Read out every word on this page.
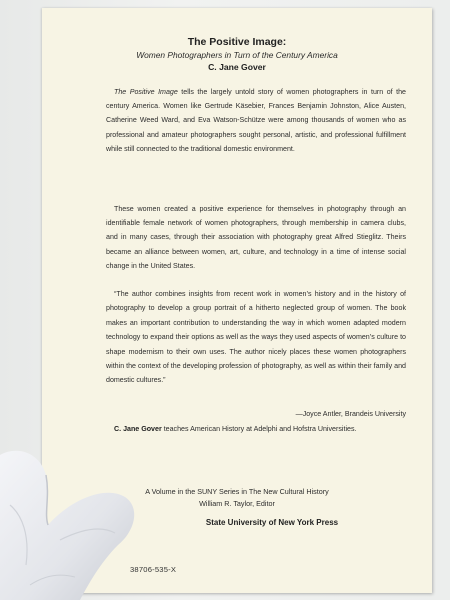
The Positive Image:

Women Photographers in Turn of the Century America

C. Jane Gover

The Positive Image tells the largely untold story of women photographers in turn of the century America. Women like Gertrude Käsebier, Frances Benjamin Johnston, Alice Austen, Catherine Weed Ward, and Eva Watson-Schütze were among thousands of women who as professional and amateur photographers sought personal, artistic, and professional fulfillment while still connected to the traditional domestic environment.

These women created a positive experience for themselves in photography through an identifiable female network of women photographers, through membership in camera clubs, and in many cases, through their association with photography great Alfred Stieglitz. Theirs became an alliance between women, art, culture, and technology in a time of intense social change in the United States.

“The author combines insights from recent work in women’s history and in the history of photography to develop a group portrait of a hitherto neglected group of women. The book makes an important contribution to understanding the way in which women adapted modern technology to expand their options as well as the ways they used aspects of women’s culture to shape modernism to their own uses. The author nicely places these women photographers within the context of the developing profession of photography, as well as within their family and domestic cultures.”

—Joyce Antler, Brandeis University

C. Jane Gover teaches American History at Adelphi and Hofstra Universities.

A Volume in the SUNY Series in The New Cultural History

William R. Taylor, Editor

State University of New York Press

38706-535-X
